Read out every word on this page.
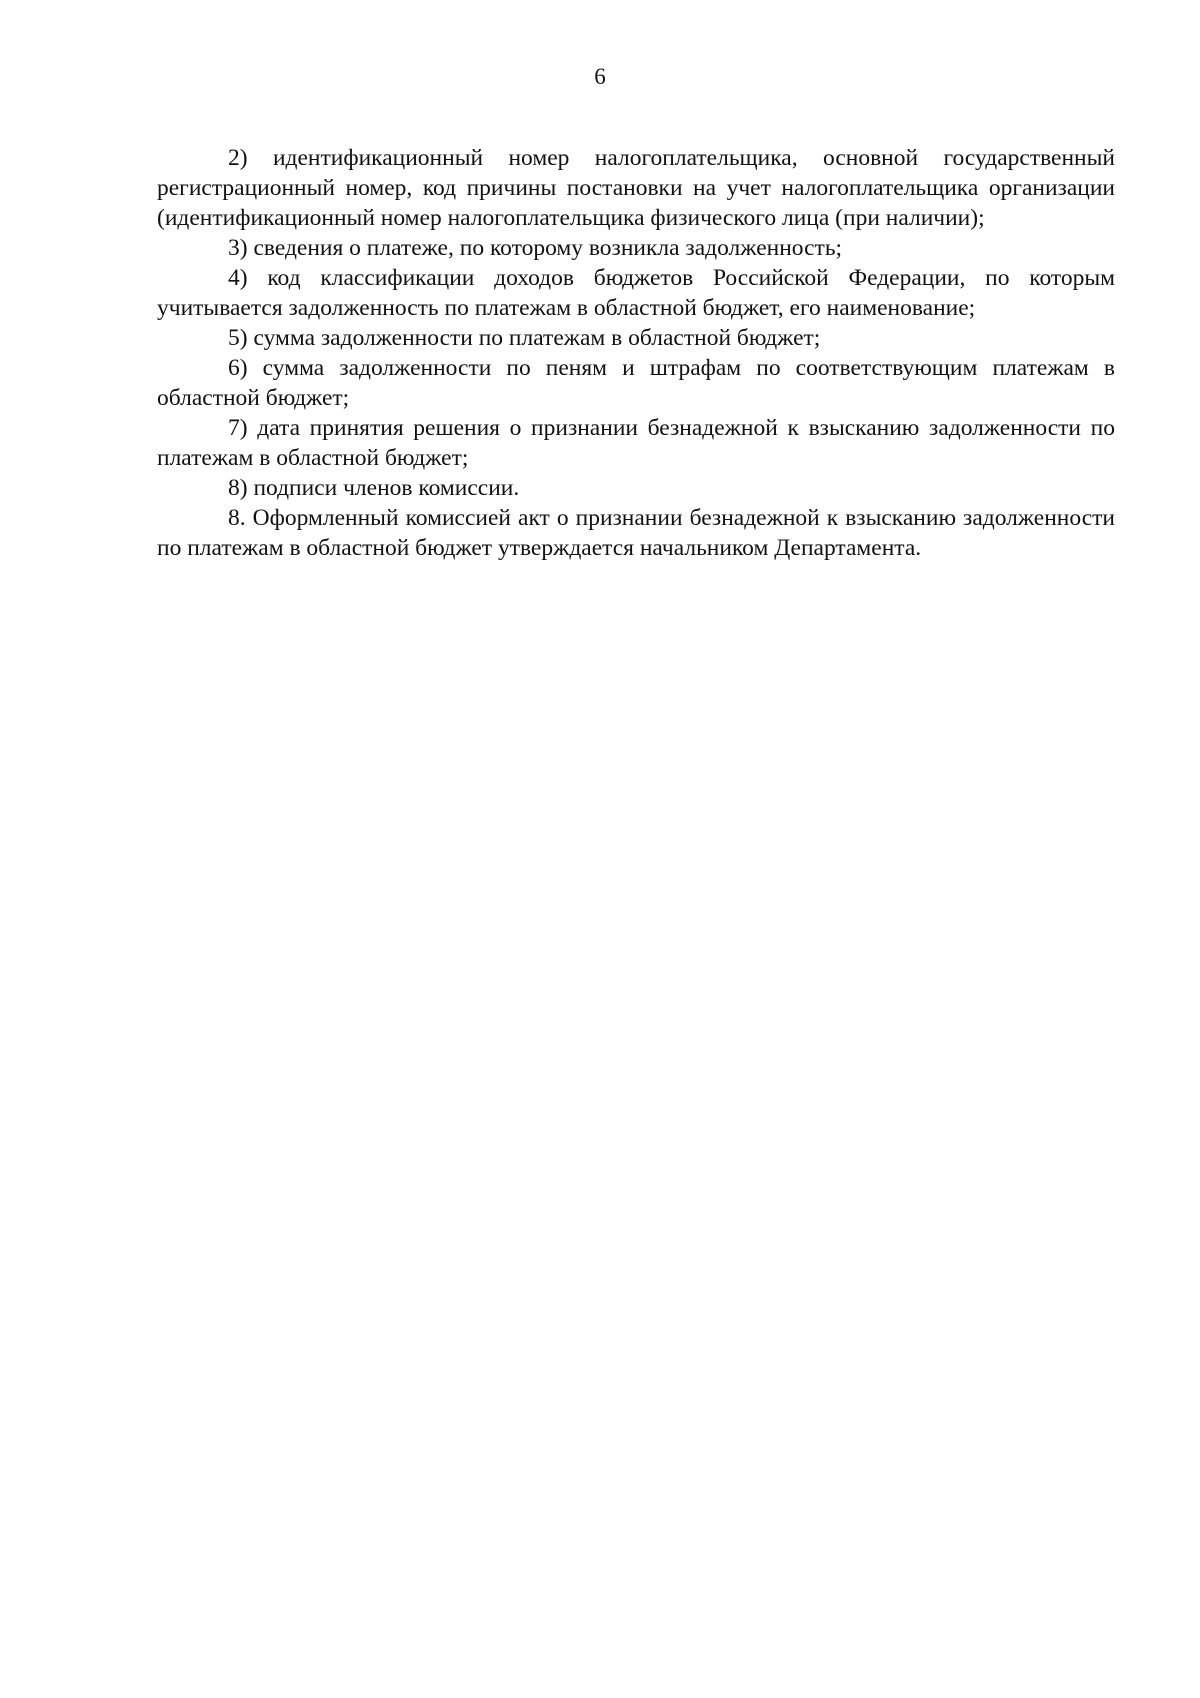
6

2) идентификационный номер налогоплательщика, основной государственный регистрационный номер, код причины постановки на учет налогоплательщика организации (идентификационный номер налогоплательщика физического лица (при наличии);

3) сведения о платеже, по которому возникла задолженность;

4) код классификации доходов бюджетов Российской Федерации, по которым учитывается задолженность по платежам в областной бюджет, его наименование;

5) сумма задолженности по платежам в областной бюджет;

6) сумма задолженности по пеням и штрафам по соответствующим платежам в областной бюджет;

7) дата принятия решения о признании безнадежной к взысканию задолженности по платежам в областной бюджет;

8) подписи членов комиссии.

8. Оформленный комиссией акт о признании безнадежной к взысканию задолженности по платежам в областной бюджет утверждается начальником Департамента.
